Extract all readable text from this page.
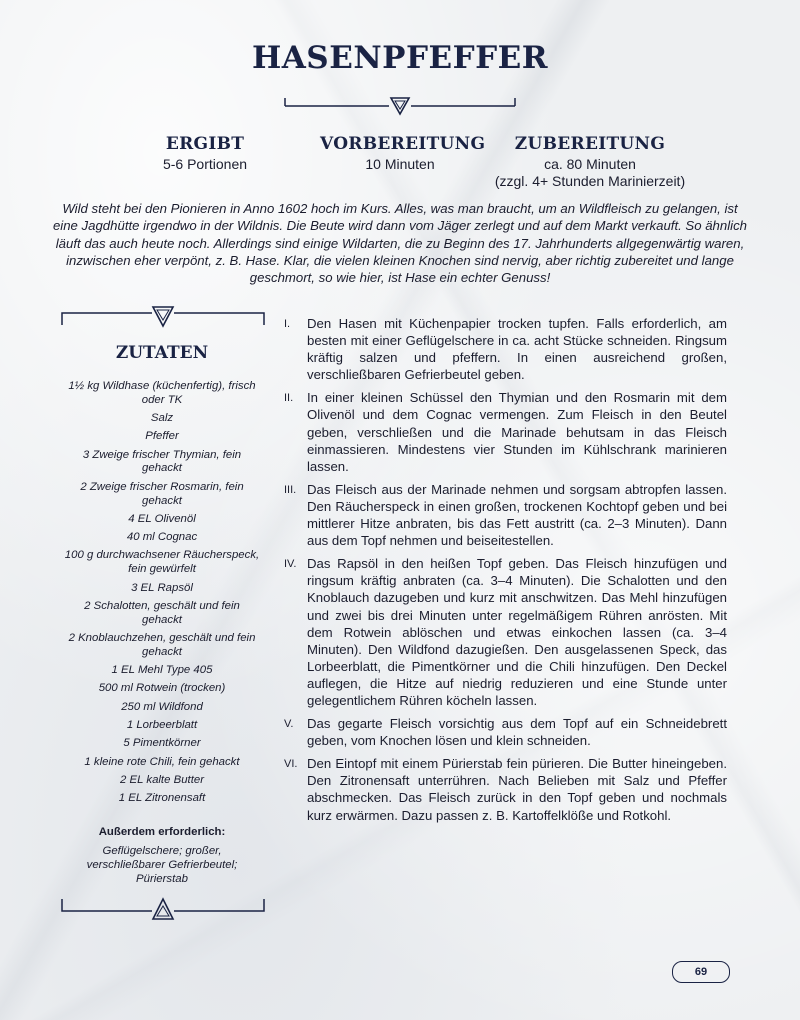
HASENPFEFFER
ERGIBT
5-6 Portionen
VORBEREITUNG
10 Minuten
ZUBEREITUNG
ca. 80 Minuten
(zzgl. 4+ Stunden Marinierzeit)
Wild steht bei den Pionieren in Anno 1602 hoch im Kurs. Alles, was man braucht, um an Wildfleisch zu gelangen, ist eine Jagdhütte irgendwo in der Wildnis. Die Beute wird dann vom Jäger zerlegt und auf dem Markt verkauft. So ähnlich läuft das auch heute noch. Allerdings sind einige Wildarten, die zu Beginn des 17. Jahrhunderts allgegenwärtig waren, inzwischen eher verpönt, z. B. Hase. Klar, die vielen kleinen Knochen sind nervig, aber richtig zubereitet und lange geschmort, so wie hier, ist Hase ein echter Genuss!
ZUTATEN
1½ kg Wildhase (küchenfertig), frisch oder TK
Salz
Pfeffer
3 Zweige frischer Thymian, fein gehackt
2 Zweige frischer Rosmarin, fein gehackt
4 EL Olivenöl
40 ml Cognac
100 g durchwachsener Räucherspeck, fein gewürfelt
3 EL Rapsöl
2 Schalotten, geschält und fein gehackt
2 Knoblauchzehen, geschält und fein gehackt
1 EL Mehl Type 405
500 ml Rotwein (trocken)
250 ml Wildfond
1 Lorbeerblatt
5 Pimentkörner
1 kleine rote Chili, fein gehackt
2 EL kalte Butter
1 EL Zitronensaft
Außerdem erforderlich:
Geflügelschere; großer, verschließbarer Gefrierbeutel; Pürierstab
I. Den Hasen mit Küchenpapier trocken tupfen. Falls erforderlich, am besten mit einer Geflügelschere in ca. acht Stücke schneiden. Ringsum kräftig salzen und pfeffern. In einen ausreichend großen, verschließbaren Gefrierbeutel geben.
II. In einer kleinen Schüssel den Thymian und den Rosmarin mit dem Olivenöl und dem Cognac vermengen. Zum Fleisch in den Beutel geben, verschließen und die Marinade behutsam in das Fleisch einmassieren. Mindestens vier Stunden im Kühlschrank marinieren lassen.
III. Das Fleisch aus der Marinade nehmen und sorgsam abtropfen lassen. Den Räucherspeck in einen großen, trockenen Kochtopf geben und bei mittlerer Hitze anbraten, bis das Fett austritt (ca. 2–3 Minuten). Dann aus dem Topf nehmen und beiseitestellen.
IV. Das Rapsöl in den heißen Topf geben. Das Fleisch hinzufügen und ringsum kräftig anbraten (ca. 3–4 Minuten). Die Schalotten und den Knoblauch dazugeben und kurz mit anschwitzen. Das Mehl hinzufügen und zwei bis drei Minuten unter regelmäßigem Rühren anrösten. Mit dem Rotwein ablöschen und etwas einkochen lassen (ca. 3–4 Minuten). Den Wildfond dazugießen. Den ausgelassenen Speck, das Lorbeerblatt, die Pimentkörner und die Chili hinzufügen. Den Deckel auflegen, die Hitze auf niedrig reduzieren und eine Stunde unter gelegentlichem Rühren köcheln lassen.
V. Das gegarte Fleisch vorsichtig aus dem Topf auf ein Schneidebrett geben, vom Knochen lösen und klein schneiden.
VI. Den Eintopf mit einem Pürierstab fein pürieren. Die Butter hineingeben. Den Zitronensaft unterrühren. Nach Belieben mit Salz und Pfeffer abschmecken. Das Fleisch zurück in den Topf geben und nochmals kurz erwärmen. Dazu passen z. B. Kartoffelklöße und Rotkohl.
69
